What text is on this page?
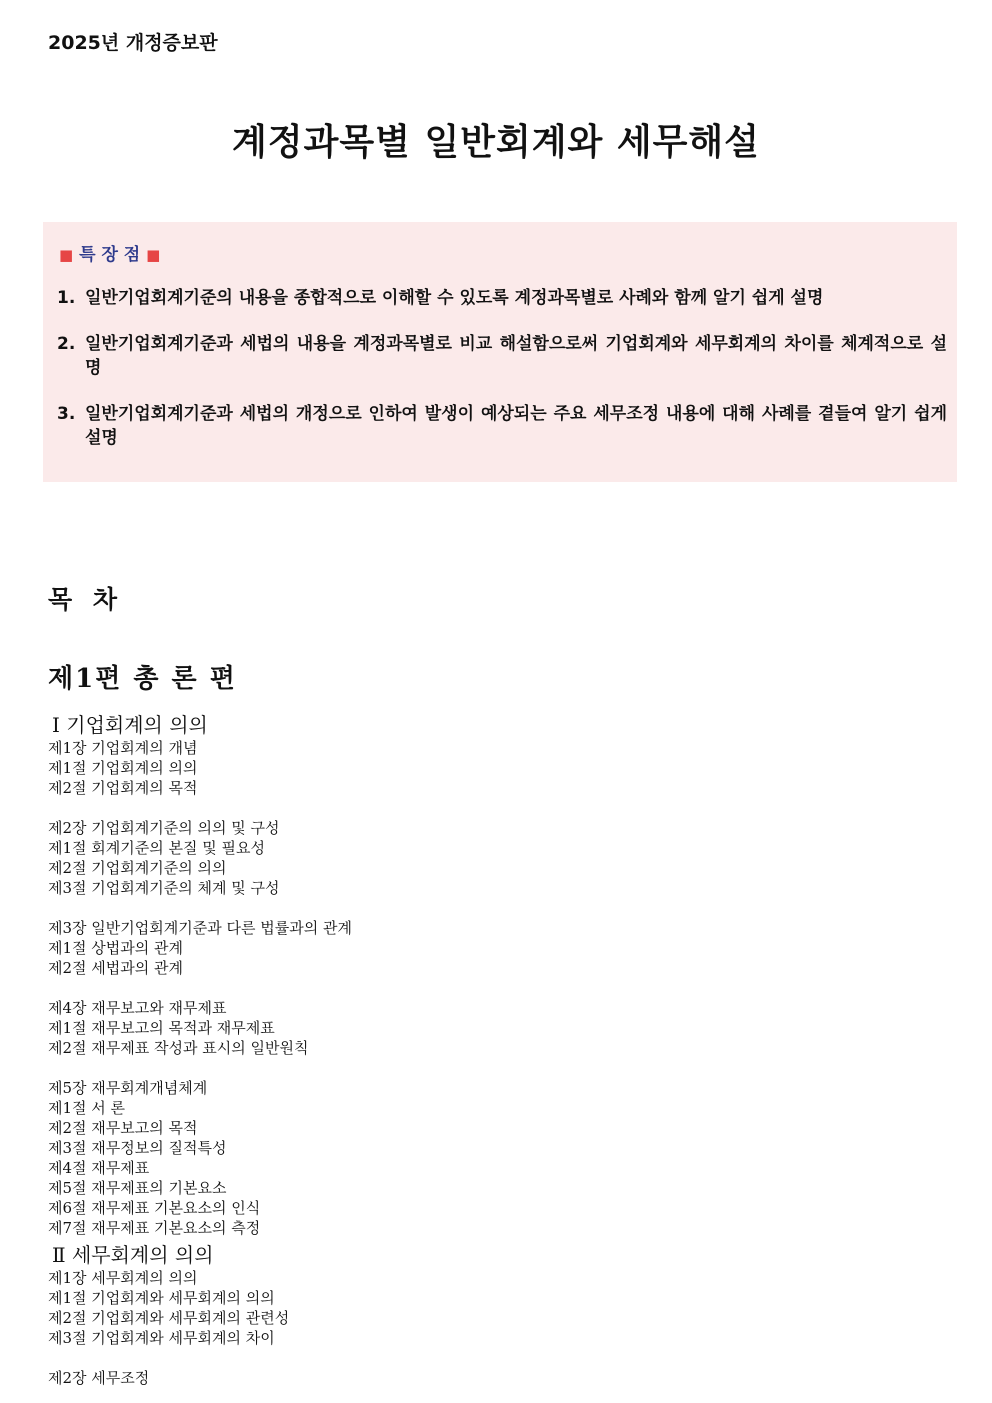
2025년 개정증보판
계정과목별 일반회계와 세무해설
■ 특 장 점 ■
1. 일반기업회계기준의 내용을 종합적으로 이해할 수 있도록 계정과목별로 사례와 함께 알기 쉽게 설명
2. 일반기업회계기준과 세법의 내용을 계정과목별로 비교 해설함으로써 기업회계와 세무회계의 차이를 체계적으로 설명
3. 일반기업회계기준과 세법의 개정으로 인하여 발생이 예상되는 주요 세무조정 내용에 대해 사례를 곁들여 알기 쉽게 설명
목 차
제1편 총 론 편
Ⅰ 기업회계의 의의
제1장 기업회계의 개념
제1절 기업회계의 의의
제2절 기업회계의 목적
제2장 기업회계기준의 의의 및 구성
제1절 회계기준의 본질 및 필요성
제2절 기업회계기준의 의의
제3절 기업회계기준의 체계 및 구성
제3장 일반기업회계기준과 다른 법률과의 관계
제1절 상법과의 관계
제2절 세법과의 관계
제4장 재무보고와 재무제표
제1절 재무보고의 목적과 재무제표
제2절 재무제표 작성과 표시의 일반원칙
제5장 재무회계개념체계
제1절 서 론
제2절 재무보고의 목적
제3절 재무정보의 질적특성
제4절 재무제표
제5절 재무제표의 기본요소
제6절 재무제표 기본요소의 인식
제7절 재무제표 기본요소의 측정
Ⅱ 세무회계의 의의
제1장 세무회계의 의의
제1절 기업회계와 세무회계의 의의
제2절 기업회계와 세무회계의 관련성
제3절 기업회계와 세무회계의 차이
제2장 세무조정
